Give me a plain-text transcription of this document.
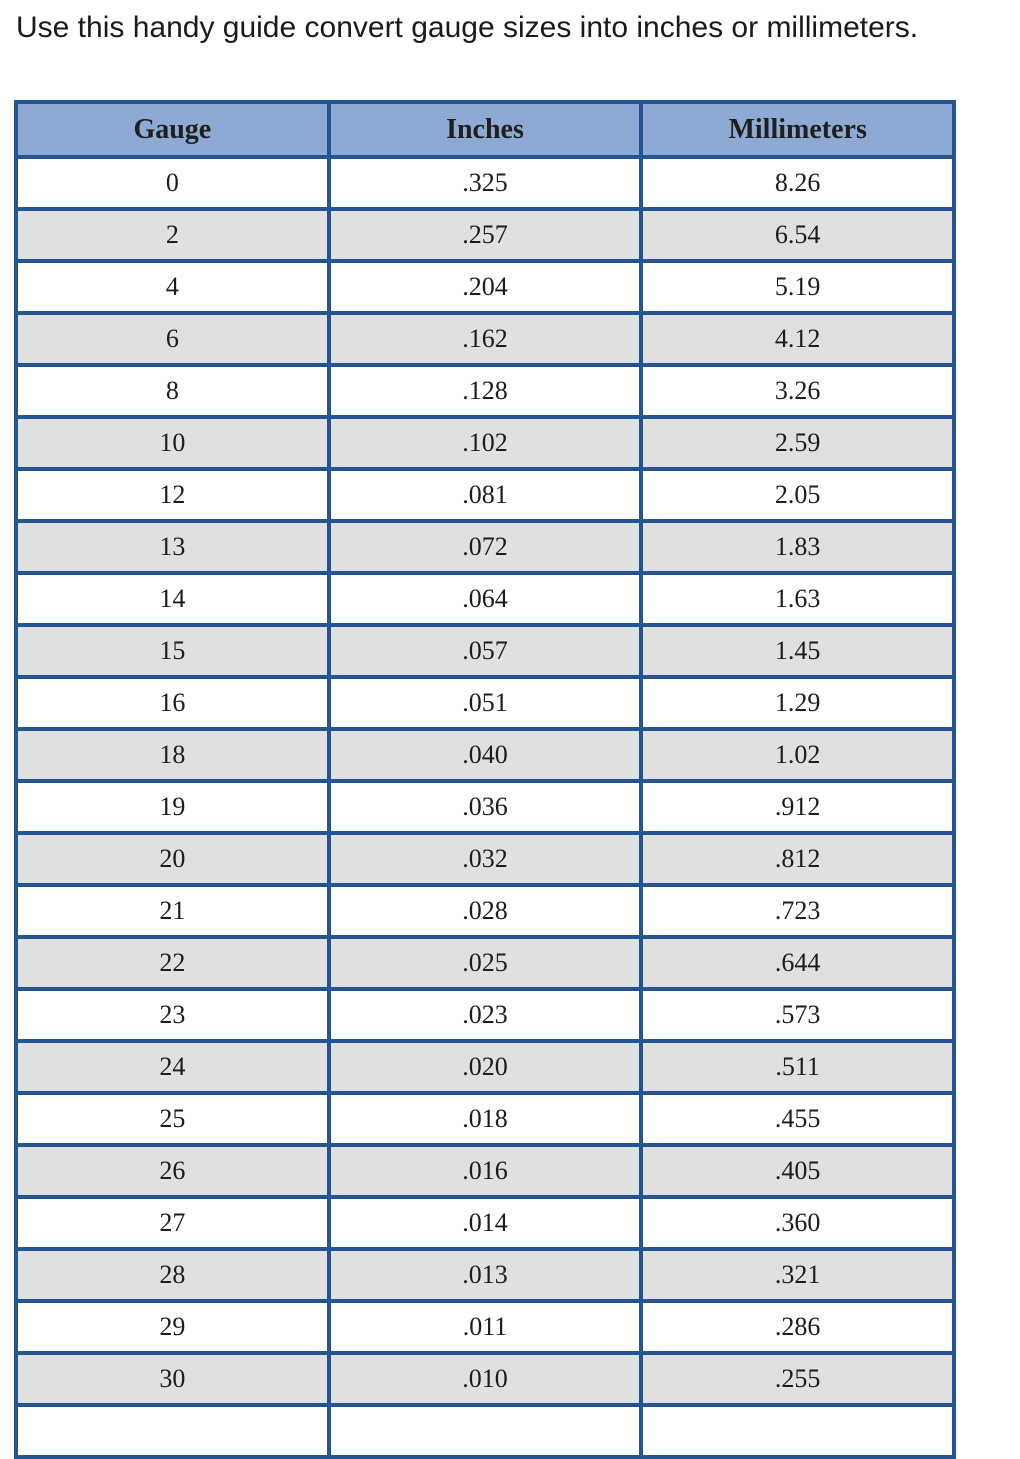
Use this handy guide convert gauge sizes into inches or millimeters.
Gauge	Inches	Millimeters
0	.325	8.26
2	.257	6.54
4	.204	5.19
6	.162	4.12
8	.128	3.26
10	.102	2.59
12	.081	2.05
13	.072	1.83
14	.064	1.63
15	.057	1.45
16	.051	1.29
18	.040	1.02
19	.036	.912
20	.032	.812
21	.028	.723
22	.025	.644
23	.023	.573
24	.020	.511
25	.018	.455
26	.016	.405
27	.014	.360
28	.013	.321
29	.011	.286
30	.010	.255
